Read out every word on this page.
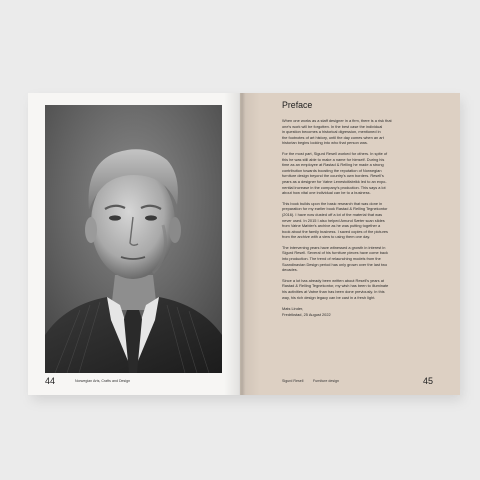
44	Norwegian Arts, Crafts and Design
Preface
When one works as a staff designer in a firm, there is a risk that
one's work will be forgotten. In the best case the individual
in question becomes a historical digression, mentioned in
the footnotes of art history, until the day comes when an art
historian begins looking into who that person was.
For the most part, Sigurd Resell worked for others. In spite of
this he was still able to make a name for himself. During his
time as an employee at Rastad & Relling he made a strong
contribution towards boosting the reputation of Norwegian
furniture design beyond the country's own borders. Resell's
years as a designer for Vatne Lenestolfabrikk led to an expo-
nential increase in the company's production. This says a lot
about how vital one individual can be to a business.
This book builds upon the basic research that was done in
preparation for my earlier book Rastad & Relling Tegnekontor
(2016). I have now dusted off a lot of the material that was
never used. In 2015 I also helped Amund Sæter scan slides
from Vatne Møbler's archive as he was putting together a
book about the family business. I saved copies of the pictures
from the archive with a view to using them one day.
The intervening years have witnessed a growth in interest in
Sigurd Resell. Several of his furniture pieces have come back
into production. The trend of relaunching models from the
Scandinavian Design period has only grown over the last two
decades.
Since a lot has already been written about Resell's years at
Rastad & Relling Tegnekontor, my wish has been to illuminate
his activities at Vatne than has been done previously. In this
way, his rich design legacy can be cast in a fresh light.
Mats Linder,
Fredrikstad, 25 August 2022
Sigurd Resell	Furniture design	45
